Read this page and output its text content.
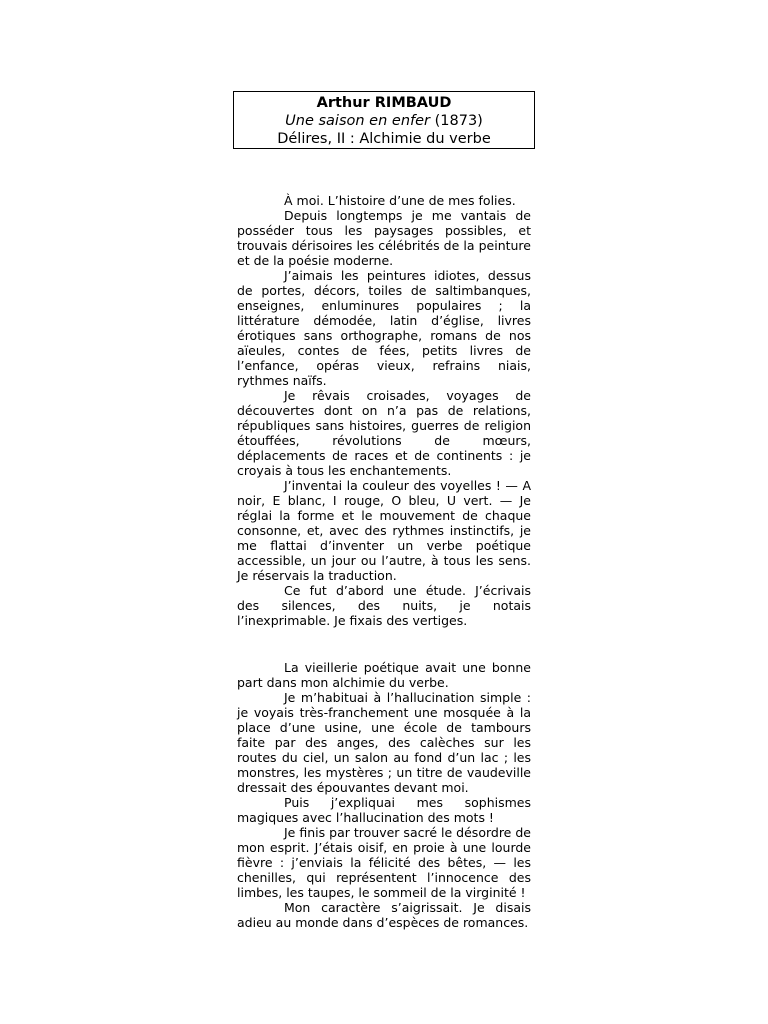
Arthur RIMBAUD
Une saison en enfer (1873)
Délires, II : Alchimie du verbe

À moi. L’histoire d’une de mes folies.

Depuis longtemps je me vantais de posséder tous les paysages possibles, et trouvais dérisoires les célébrités de la peinture et de la poésie moderne.

J’aimais les peintures idiotes, dessus de portes, décors, toiles de saltimbanques, enseignes, enluminures populaires ; la littérature démodée, latin d’église, livres érotiques sans orthographe, romans de nos aïeules, contes de fées, petits livres de l’enfance, opéras vieux, refrains niais, rythmes naïfs.

Je rêvais croisades, voyages de découvertes dont on n’a pas de relations, républiques sans histoires, guerres de religion étouffées, révolutions de mœurs, déplacements de races et de continents : je croyais à tous les enchantements.

J’inventai la couleur des voyelles ! — A noir, E blanc, I rouge, O bleu, U vert. — Je réglai la forme et le mouvement de chaque consonne, et, avec des rythmes instinctifs, je me flattai d’inventer un verbe poétique accessible, un jour ou l’autre, à tous les sens. Je réservais la traduction.

Ce fut d’abord une étude. J’écrivais des silences, des nuits, je notais l’inexprimable. Je fixais des vertiges.

La vieillerie poétique avait une bonne part dans mon alchimie du verbe.

Je m’habituai à l’hallucination simple : je voyais très-franchement une mosquée à la place d’une usine, une école de tambours faite par des anges, des calèches sur les routes du ciel, un salon au fond d’un lac ; les monstres, les mystères ; un titre de vaudeville dressait des épouvantes devant moi.

Puis j’expliquai mes sophismes magiques avec l’hallucination des mots !

Je finis par trouver sacré le désordre de mon esprit. J’étais oisif, en proie à une lourde fièvre : j’enviais la félicité des bêtes, — les chenilles, qui représentent l’innocence des limbes, les taupes, le sommeil de la virginité !

Mon caractère s’aigrissait. Je disais adieu au monde dans d’espèces de romances.
